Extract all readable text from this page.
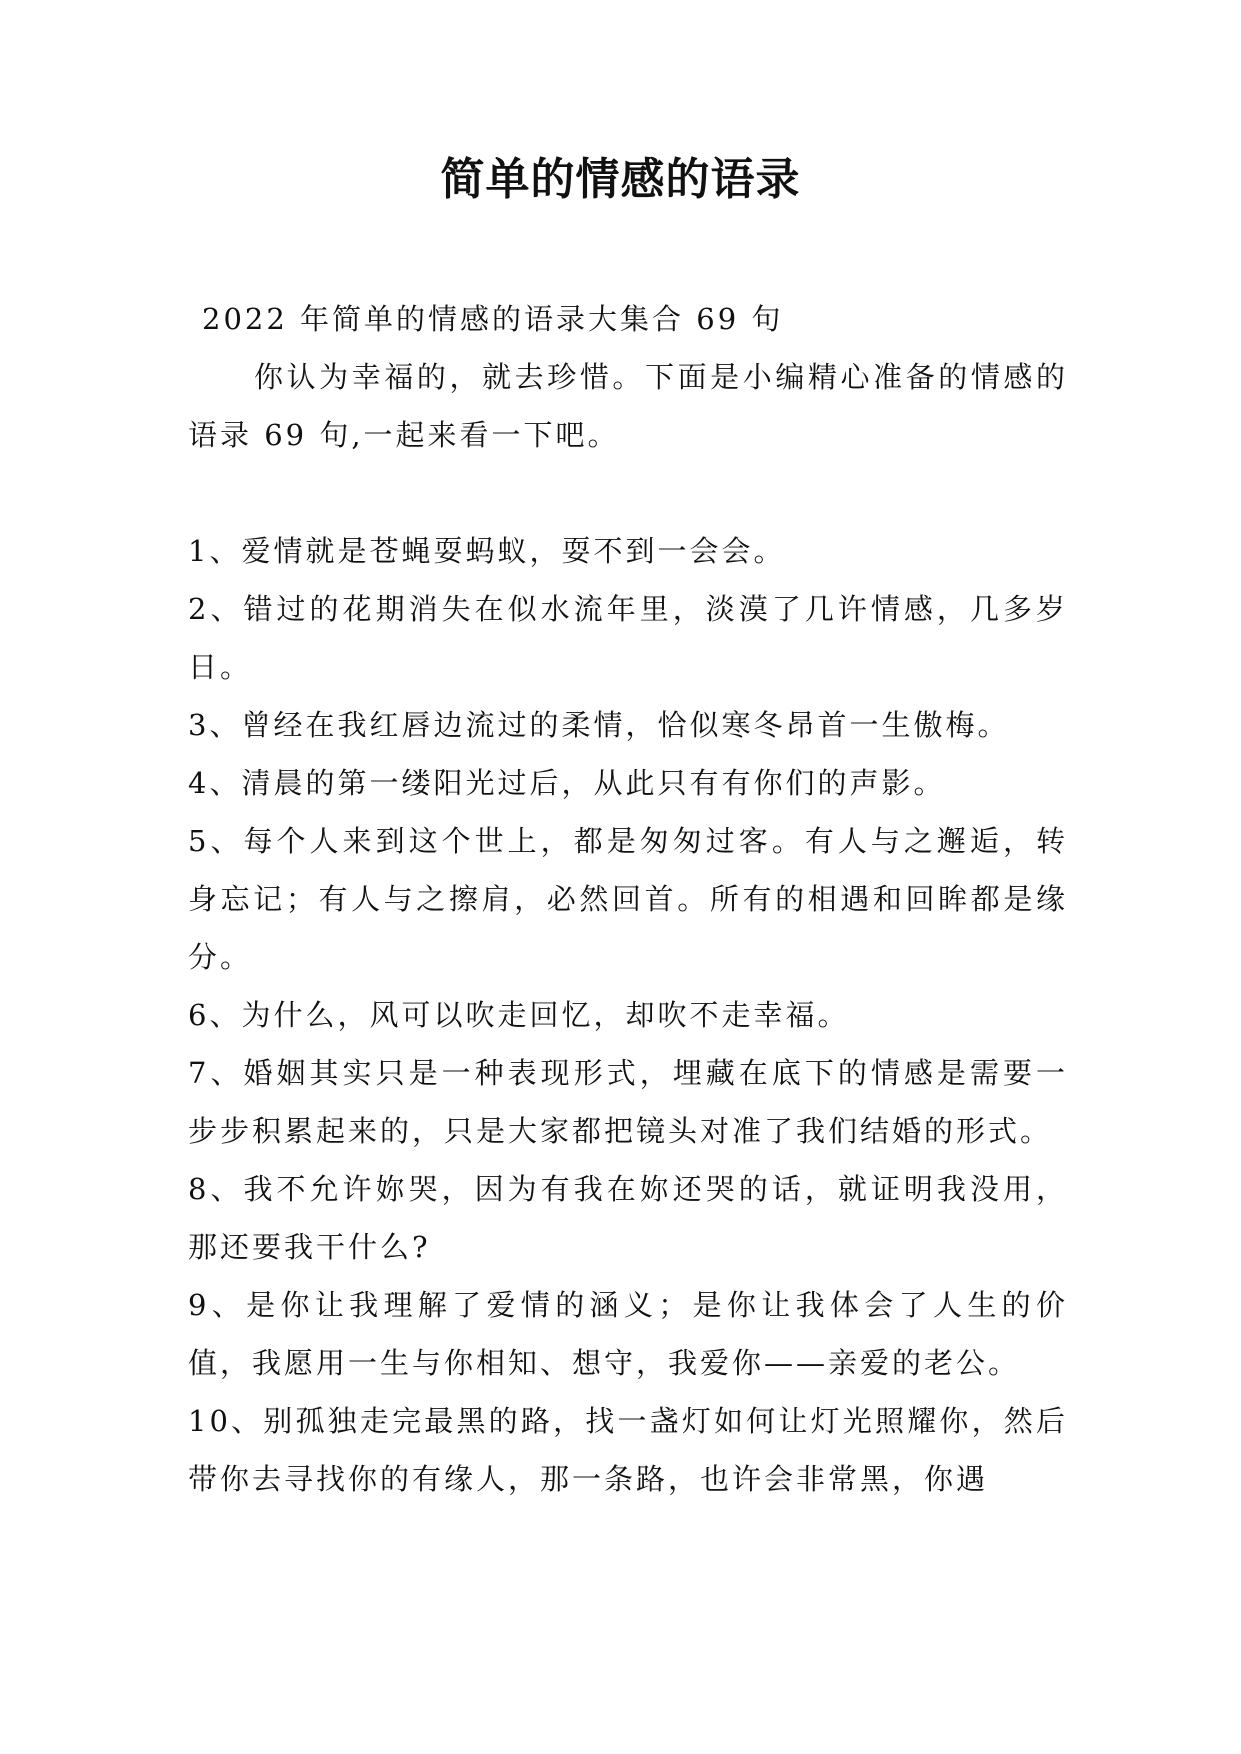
简单的情感的语录

2022 年简单的情感的语录大集合 69 句

你认为幸福的，就去珍惜。下面是小编精心准备的情感的语录 69 句,一起来看一下吧。

1、爱情就是苍蝇耍蚂蚁，耍不到一会会。

2、错过的花期消失在似水流年里，淡漠了几许情感，几多岁日。

3、曾经在我红唇边流过的柔情，恰似寒冬昂首一生傲梅。

4、清晨的第一缕阳光过后，从此只有有你们的声影。

5、每个人来到这个世上，都是匆匆过客。有人与之邂逅，转身忘记；有人与之擦肩，必然回首。所有的相遇和回眸都是缘分。

6、为什么，风可以吹走回忆，却吹不走幸福。

7、婚姻其实只是一种表现形式，埋藏在底下的情感是需要一步步积累起来的，只是大家都把镜头对准了我们结婚的形式。

8、我不允许妳哭，因为有我在妳还哭的话，就证明我没用，那还要我干什么?

9、是你让我理解了爱情的涵义；是你让我体会了人生的价值，我愿用一生与你相知、想守，我爱你——亲爱的老公。

10、别孤独走完最黑的路，找一盏灯如何让灯光照耀你，然后带你去寻找你的有缘人，那一条路，也许会非常黑，你遇
